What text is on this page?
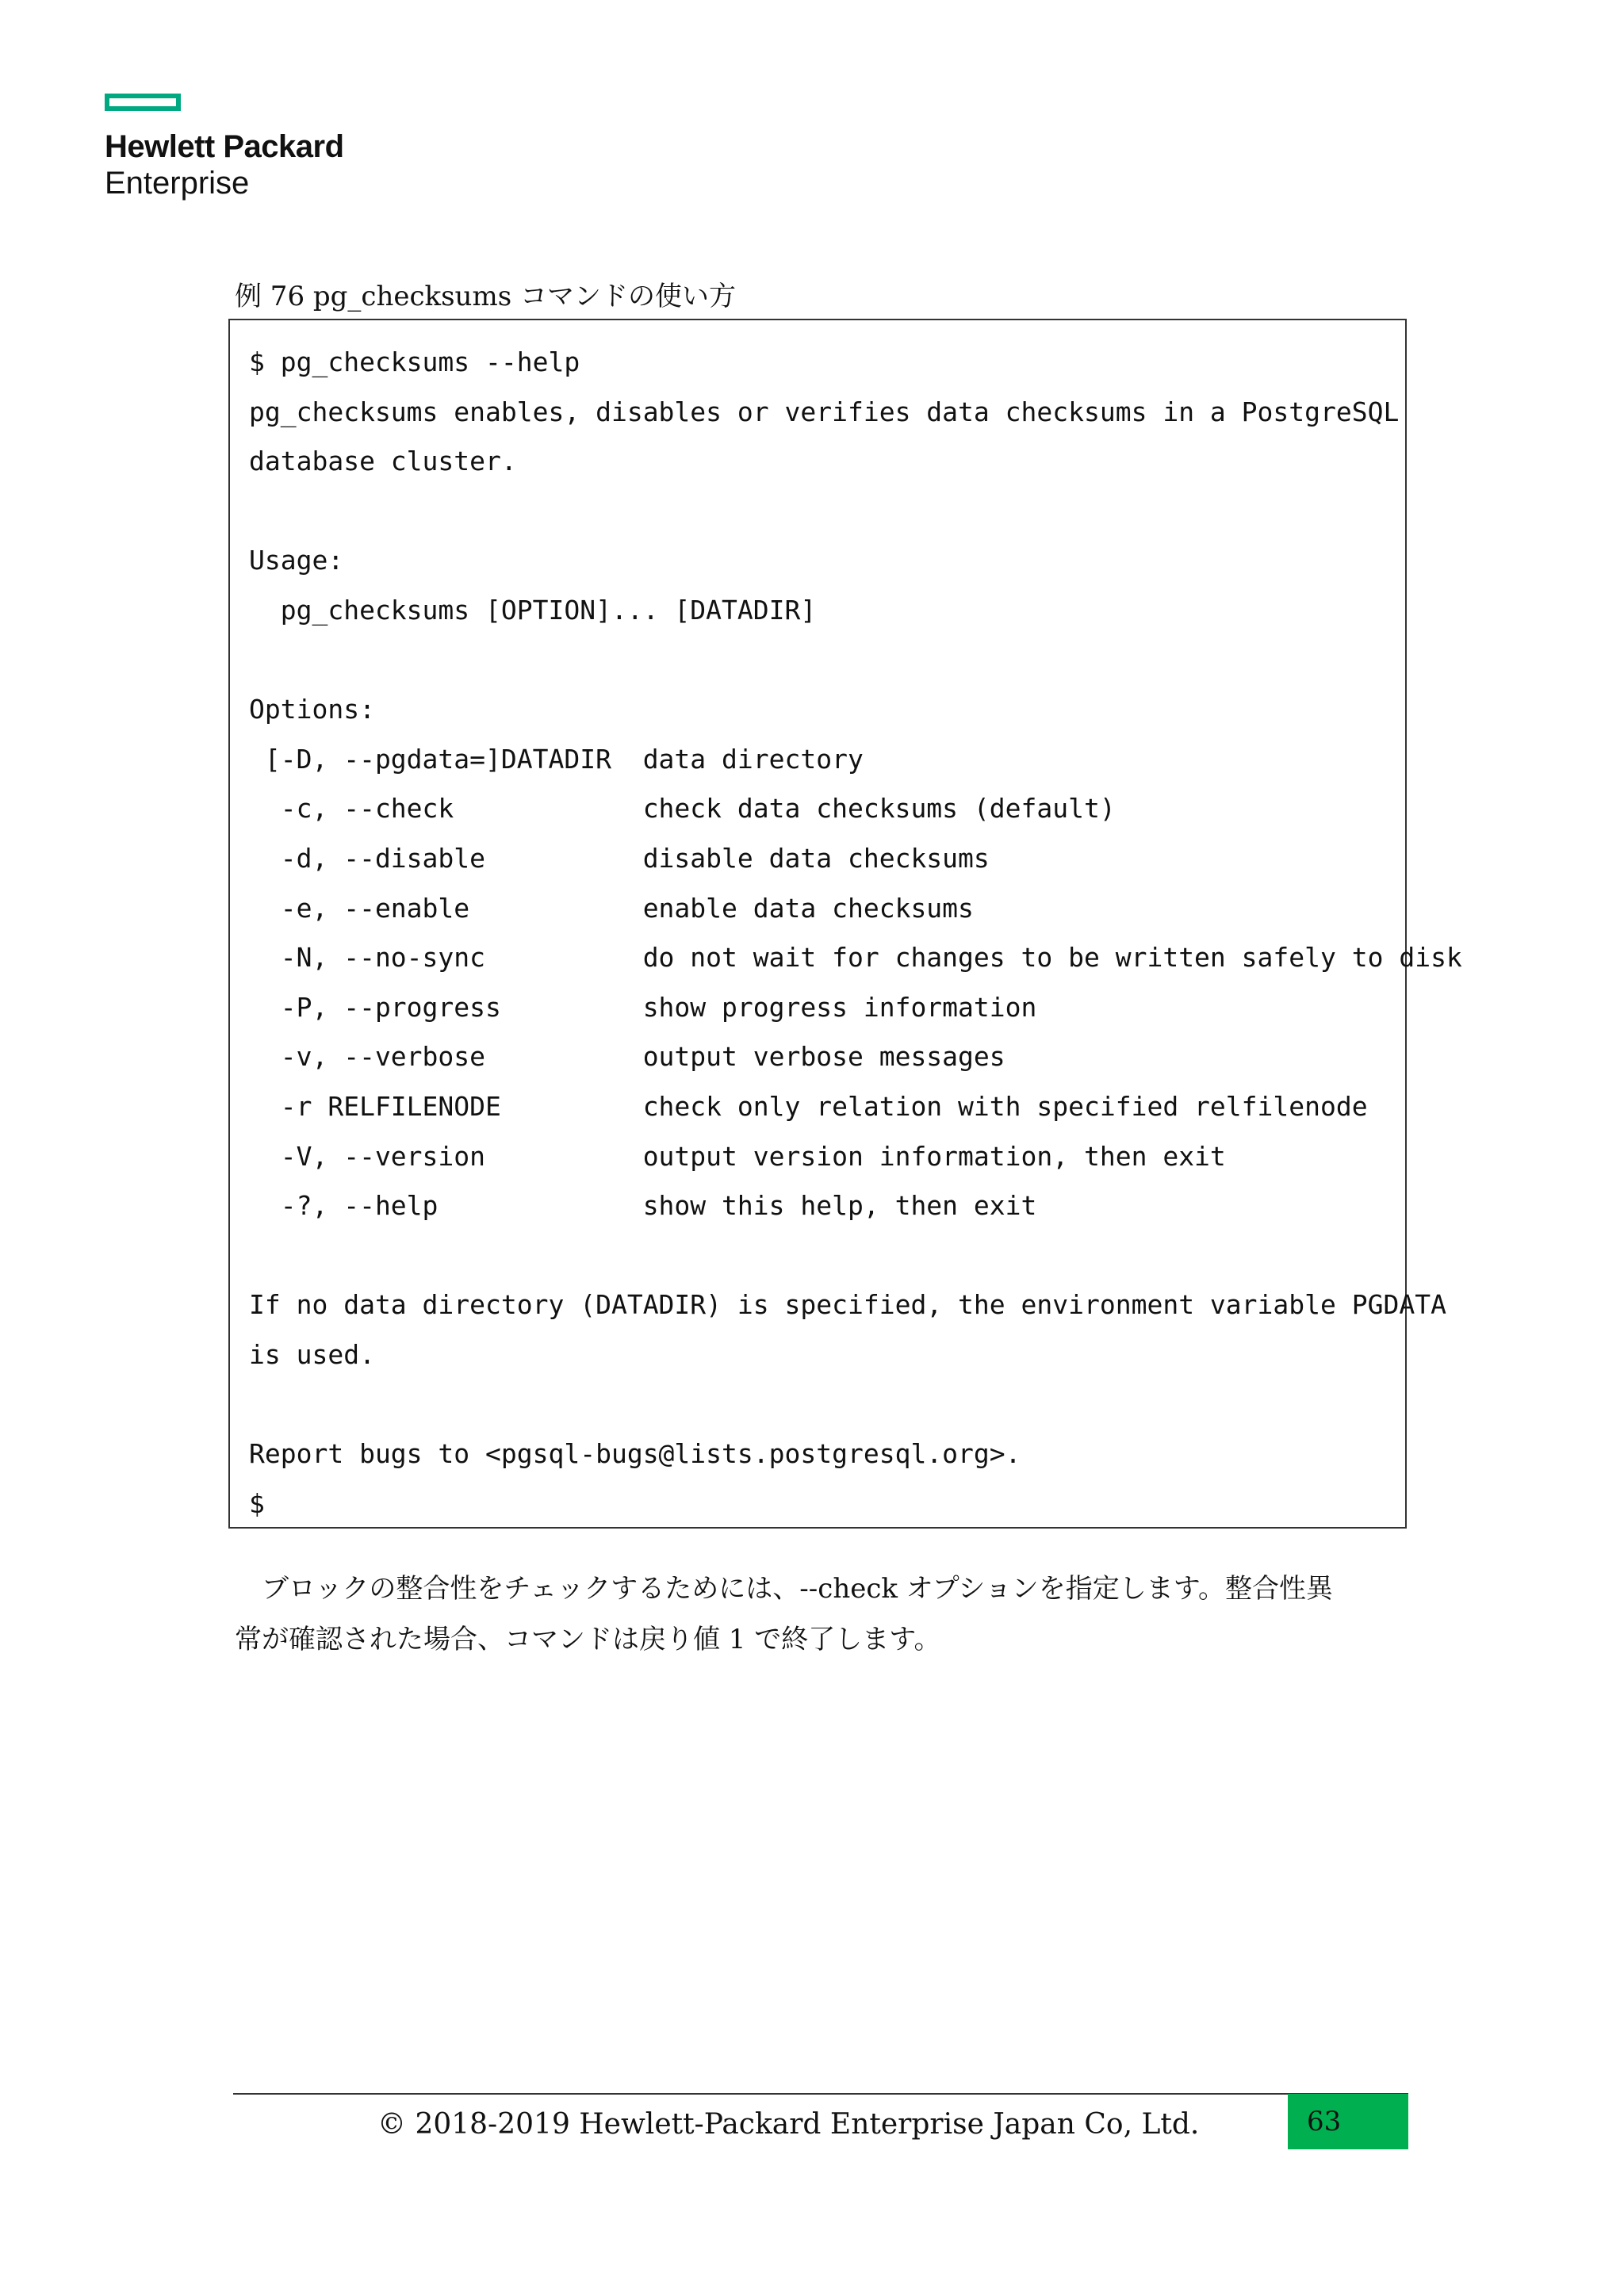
Hewlett Packard
Enterprise
例 76 pg_checksums コマンドの使い方
$ pg_checksums --help
pg_checksums enables, disables or verifies data checksums in a PostgreSQL
database cluster.
Usage:
pg_checksums [OPTION]... [DATADIR]
Options:
[-D, --pgdata=]DATADIR  data directory
-c, --check            check data checksums (default)
-d, --disable          disable data checksums
-e, --enable           enable data checksums
-N, --no-sync          do not wait for changes to be written safely to disk
-P, --progress         show progress information
-v, --verbose          output verbose messages
-r RELFILENODE         check only relation with specified relfilenode
-V, --version          output version information, then exit
-?, --help             show this help, then exit
If no data directory (DATADIR) is specified, the environment variable PGDATA
is used.
Report bugs to <pgsql-bugs@lists.postgresql.org>.
$
　ブロックの整合性をチェックするためには、--check オプションを指定します。整合性異
常が確認された場合、コマンドは戻り値 1 で終了します。
© 2018-2019 Hewlett-Packard Enterprise Japan Co, Ltd.	63
